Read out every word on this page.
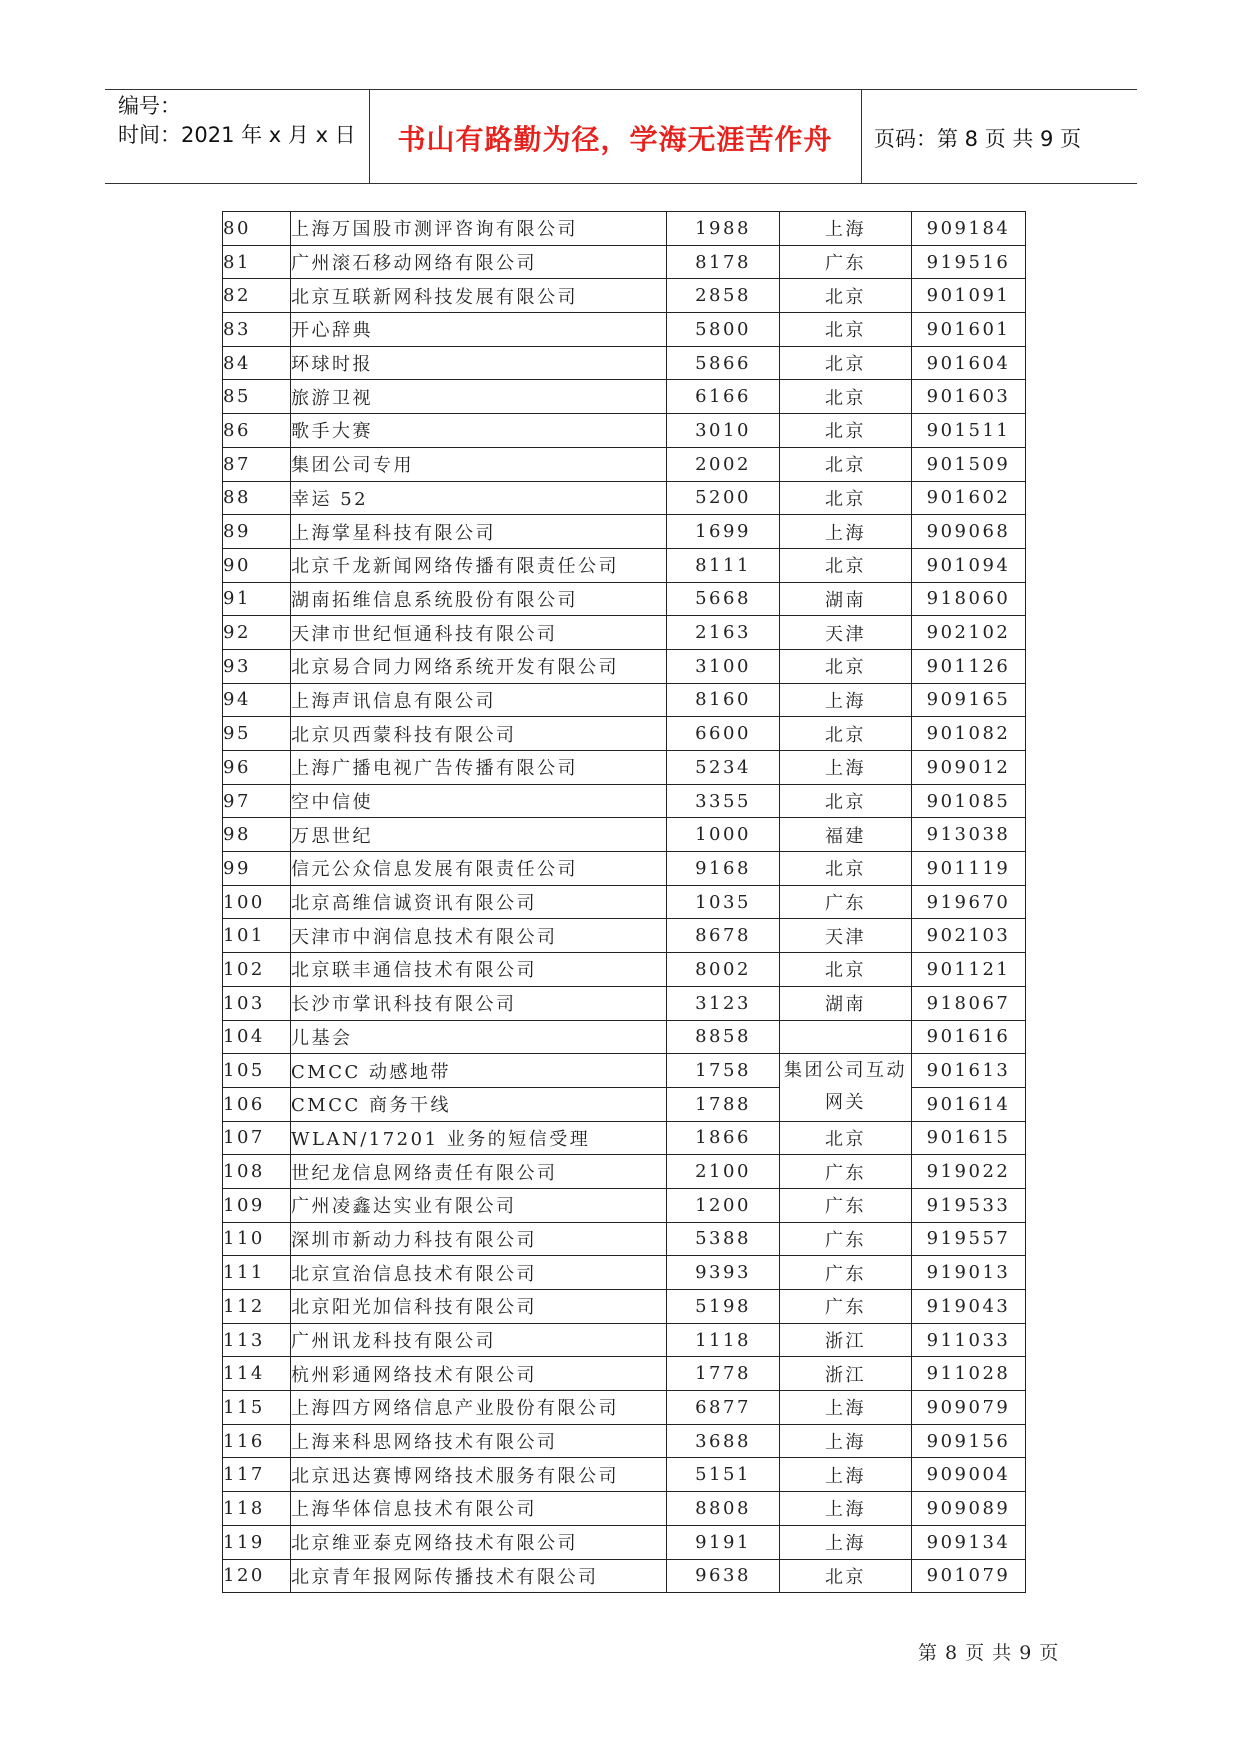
编号：
时间：2021 年 x 月 x 日	书山有路勤为径，学海无涯苦作舟	页码：第 8 页 共 9 页
80	上海万国股市测评咨询有限公司	1988	上海	909184
81	广州滚石移动网络有限公司	8178	广东	919516
82	北京互联新网科技发展有限公司	2858	北京	901091
83	开心辞典	5800	北京	901601
84	环球时报	5866	北京	901604
85	旅游卫视	6166	北京	901603
86	歌手大赛	3010	北京	901511
87	集团公司专用	2002	北京	901509
88	幸运 52	5200	北京	901602
89	上海掌星科技有限公司	1699	上海	909068
90	北京千龙新闻网络传播有限责任公司	8111	北京	901094
91	湖南拓维信息系统股份有限公司	5668	湖南	918060
92	天津市世纪恒通科技有限公司	2163	天津	902102
93	北京易合同力网络系统开发有限公司	3100	北京	901126
94	上海声讯信息有限公司	8160	上海	909165
95	北京贝西蒙科技有限公司	6600	北京	901082
96	上海广播电视广告传播有限公司	5234	上海	909012
97	空中信使	3355	北京	901085
98	万思世纪	1000	福建	913038
99	信元公众信息发展有限责任公司	9168	北京	901119
100	北京高维信诚资讯有限公司	1035	广东	919670
101	天津市中润信息技术有限公司	8678	天津	902103
102	北京联丰通信技术有限公司	8002	北京	901121
103	长沙市掌讯科技有限公司	3123	湖南	918067
104	儿基会	8858		901616
105	CMCC 动感地带	1758	集团公司互动网关	901613
106	CMCC 商务干线	1788		901614
107	WLAN/17201 业务的短信受理	1866	北京	901615
108	世纪龙信息网络责任有限公司	2100	广东	919022
109	广州凌鑫达实业有限公司	1200	广东	919533
110	深圳市新动力科技有限公司	5388	广东	919557
111	北京宣治信息技术有限公司	9393	广东	919013
112	北京阳光加信科技有限公司	5198	广东	919043
113	广州讯龙科技有限公司	1118	浙江	911033
114	杭州彩通网络技术有限公司	1778	浙江	911028
115	上海四方网络信息产业股份有限公司	6877	上海	909079
116	上海来科思网络技术有限公司	3688	上海	909156
117	北京迅达赛博网络技术服务有限公司	5151	上海	909004
118	上海华体信息技术有限公司	8808	上海	909089
119	北京维亚泰克网络技术有限公司	9191	上海	909134
120	北京青年报网际传播技术有限公司	9638	北京	901079
第 8 页 共 9 页
